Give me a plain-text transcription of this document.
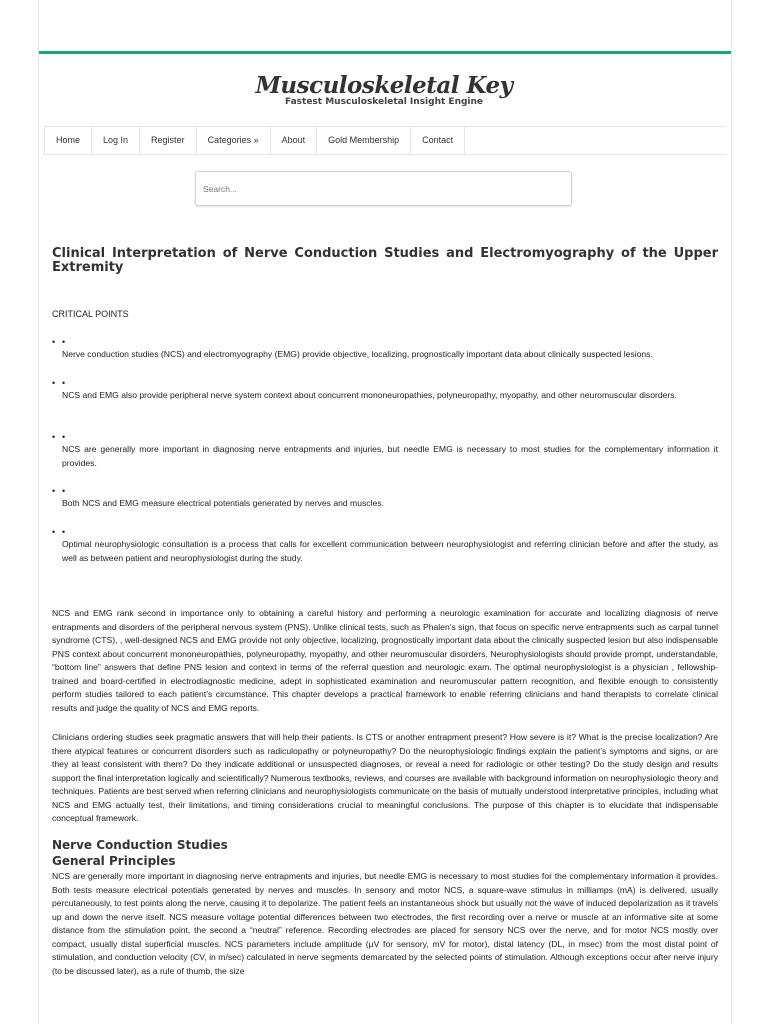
Musculoskeletal Key
Fastest Musculoskeletal Insight Engine
Home	Log In	Register	Categories »	About	Gold Membership	Contact
Search...
Clinical Interpretation of Nerve Conduction Studies and Electromyography of the Upper Extremity
CRITICAL POINTS
• •
Nerve conduction studies (NCS) and electromyography (EMG) provide objective, localizing, prognostically important data about clinically suspected lesions.
• •
NCS and EMG also provide peripheral nerve system context about concurrent mononeuropathies, polyneuropathy, myopathy, and other neuromuscular disorders.
• •
NCS are generally more important in diagnosing nerve entrapments and injuries, but needle EMG is necessary to most studies for the complementary information it provides.
• •
Both NCS and EMG measure electrical potentials generated by nerves and muscles.
• •
Optimal neurophysiologic consultation is a process that calls for excellent communication between neurophysiologist and referring clinician before and after the study, as well as between patient and neurophysiologist during the study.

NCS and EMG rank second in importance only to obtaining a careful history and performing a neurologic examination for accurate and localizing diagnosis of nerve entrapments and disorders of the peripheral nervous system (PNS). Unlike clinical tests, such as Phalen’s sign, that focus on specific nerve entrapments such as carpal tunnel syndrome (CTS), , well-designed NCS and EMG provide not only objective, localizing, prognostically important data about the clinically suspected lesion but also indispensable PNS context about concurrent mononeuropathies, polyneuropathy, myopathy, and other neuromuscular disorders. Neurophysiologists should provide prompt, understandable, “bottom line” answers that define PNS lesion and context in terms of the referral question and neurologic exam. The optimal neurophysiologist is a physician , fellowship-trained and board-certified in electrodiagnostic medicine, adept in sophisticated examination and neuromuscular pattern recognition, and flexible enough to consistently perform studies tailored to each patient’s circumstance. This chapter develops a practical framework to enable referring clinicians and hand therapists to correlate clinical results and judge the quality of NCS and EMG reports.

Clinicians ordering studies seek pragmatic answers that will help their patients. Is CTS or another entrapment present? How severe is it? What is the precise localization? Are there atypical features or concurrent disorders such as radiculopathy or polyneuropathy? Do the neurophysiologic findings explain the patient’s symptoms and signs, or are they at least consistent with them? Do they indicate additional or unsuspected diagnoses, or reveal a need for radiologic or other testing? Do the study design and results support the final interpretation logically and scientifically? Numerous textbooks, reviews, and courses are available with background information on neurophysiologic theory and techniques. Patients are best served when referring clinicians and neurophysiologists communicate on the basis of mutually understood interpretative principles, including what NCS and EMG actually test, their limitations, and timing considerations crucial to meaningful conclusions. The purpose of this chapter is to elucidate that indispensable conceptual framework.

Nerve Conduction Studies
General Principles

NCS are generally more important in diagnosing nerve entrapments and injuries, but needle EMG is necessary to most studies for the complementary information it provides. Both tests measure electrical potentials generated by nerves and muscles. In sensory and motor NCS, a square-wave stimulus in milliamps (mA) is delivered, usually percutaneously, to test points along the nerve, causing it to depolarize. The patient feels an instantaneous shock but usually not the wave of induced depolarization as it travels up and down the nerve itself. NCS measure voltage potential differences between two electrodes, the first recording over a nerve or muscle at an informative site at some distance from the stimulation point, the second a “neutral” reference. Recording electrodes are placed for sensory NCS over the nerve, and for motor NCS mostly over compact, usually distal superficial muscles. NCS parameters include amplitude (μV for sensory, mV for motor), distal latency (DL, in msec) from the most distal point of stimulation, and conduction velocity (CV, in m/sec) calculated in nerve segments demarcated by the selected points of stimulation. Although exceptions occur after nerve injury (to be discussed later), as a rule of thumb, the size
